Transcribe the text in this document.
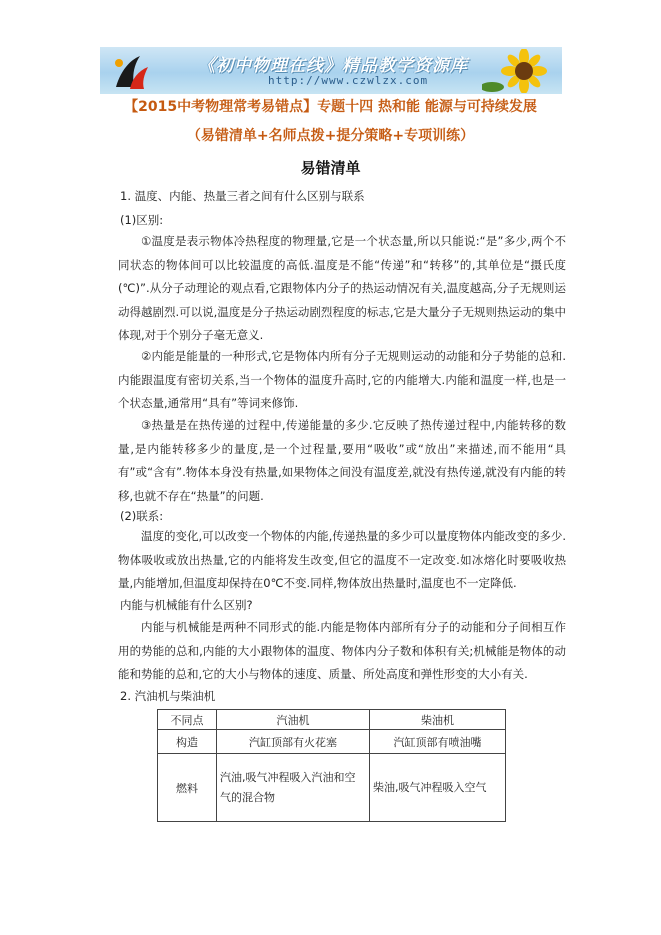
《初中物理在线》精品教学资源库
http://www.czwlzx.com
【2015中考物理常考易错点】专题十四 热和能 能源与可持续发展
（易错清单+名师点拨+提分策略+专项训练）
易错清单
1. 温度、内能、热量三者之间有什么区别与联系
(1)区别:

①温度是表示物体冷热程度的物理量,它是一个状态量,所以只能说:“是”多少,两个不同状态的物体间可以比较温度的高低.温度是不能“传递”和“转移”的,其单位是“摄氏度(℃)”.从分子动理论的观点看,它跟物体内分子的热运动情况有关,温度越高,分子无规则运动得越剧烈.可以说,温度是分子热运动剧烈程度的标志,它是大量分子无规则热运动的集中体现,对于个别分子毫无意义.

②内能是能量的一种形式,它是物体内所有分子无规则运动的动能和分子势能的总和.内能跟温度有密切关系,当一个物体的温度升高时,它的内能增大.内能和温度一样,也是一个状态量,通常用“具有”等词来修饰.

③热量是在热传递的过程中,传递能量的多少.它反映了热传递过程中,内能转移的数量,是内能转移多少的量度,是一个过程量,要用“吸收”或“放出”来描述,而不能用“具有”或“含有”.物体本身没有热量,如果物体之间没有温度差,就没有热传递,就没有内能的转移,也就不存在“热量”的问题.

(2)联系:

温度的变化,可以改变一个物体的内能,传递热量的多少可以量度物体内能改变的多少.物体吸收或放出热量,它的内能将发生改变,但它的温度不一定改变.如冰熔化时要吸收热量,内能增加,但温度却保持在0℃不变.同样,物体放出热量时,温度也不一定降低.

内能与机械能有什么区别?

内能与机械能是两种不同形式的能.内能是物体内部所有分子的动能和分子间相互作用的势能的总和,内能的大小跟物体的温度、物体内分子数和体积有关;机械能是物体的动能和势能的总和,它的大小与物体的速度、质量、所处高度和弹性形变的大小有关.

2. 汽油机与柴油机
不同点	汽油机	柴油机
构造	汽缸顶部有火花塞	汽缸顶部有喷油嘴
燃料	汽油,吸气冲程吸入汽油和空气的混合物	柴油,吸气冲程吸入空气
